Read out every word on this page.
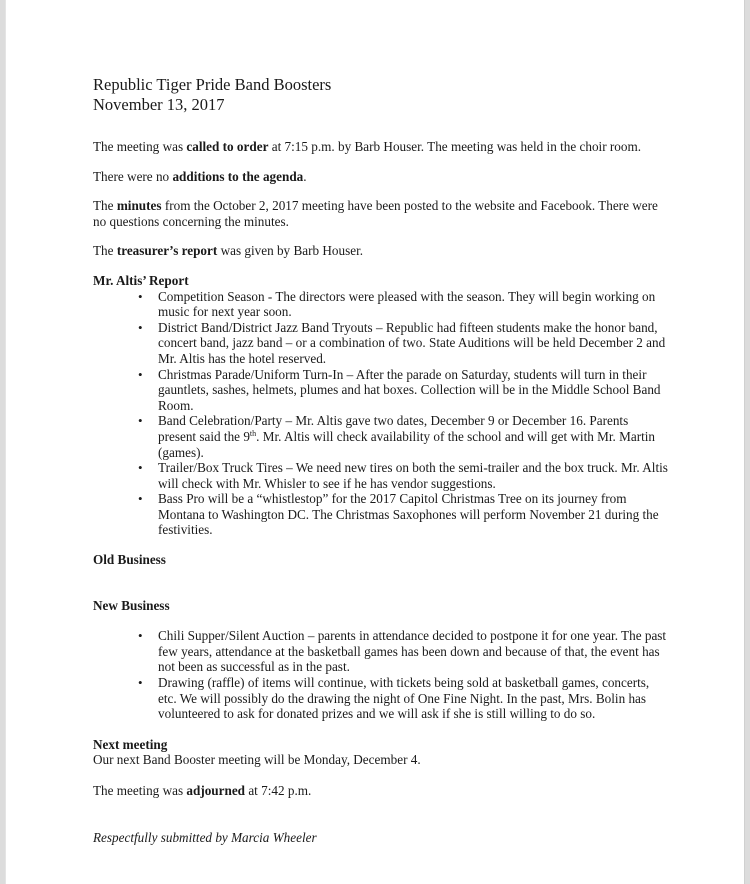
Republic Tiger Pride Band Boosters
November 13, 2017

The meeting was called to order at 7:15 p.m. by Barb Houser. The meeting was held in the choir room.

There were no additions to the agenda.

The minutes from the October 2, 2017 meeting have been posted to the website and Facebook. There were no questions concerning the minutes.

The treasurer’s report was given by Barb Houser.

Mr. Altis’ Report

• Competition Season - The directors were pleased with the season. They will begin working on music for next year soon.
• District Band/District Jazz Band Tryouts – Republic had fifteen students make the honor band, concert band, jazz band – or a combination of two. State Auditions will be held December 2 and Mr. Altis has the hotel reserved.
• Christmas Parade/Uniform Turn-In – After the parade on Saturday, students will turn in their gauntlets, sashes, helmets, plumes and hat boxes. Collection will be in the Middle School Band Room.
• Band Celebration/Party – Mr. Altis gave two dates, December 9 or December 16. Parents present said the 9th. Mr. Altis will check availability of the school and will get with Mr. Martin (games).
• Trailer/Box Truck Tires – We need new tires on both the semi-trailer and the box truck. Mr. Altis will check with Mr. Whisler to see if he has vendor suggestions.
• Bass Pro will be a “whistlestop” for the 2017 Capitol Christmas Tree on its journey from Montana to Washington DC. The Christmas Saxophones will perform November 21 during the festivities.

Old Business

New Business

• Chili Supper/Silent Auction – parents in attendance decided to postpone it for one year. The past few years, attendance at the basketball games has been down and because of that, the event has not been as successful as in the past.
• Drawing (raffle) of items will continue, with tickets being sold at basketball games, concerts, etc. We will possibly do the drawing the night of One Fine Night. In the past, Mrs. Bolin has volunteered to ask for donated prizes and we will ask if she is still willing to do so.

Next meeting

Our next Band Booster meeting will be Monday, December 4.

The meeting was adjourned at 7:42 p.m.

Respectfully submitted by Marcia Wheeler
